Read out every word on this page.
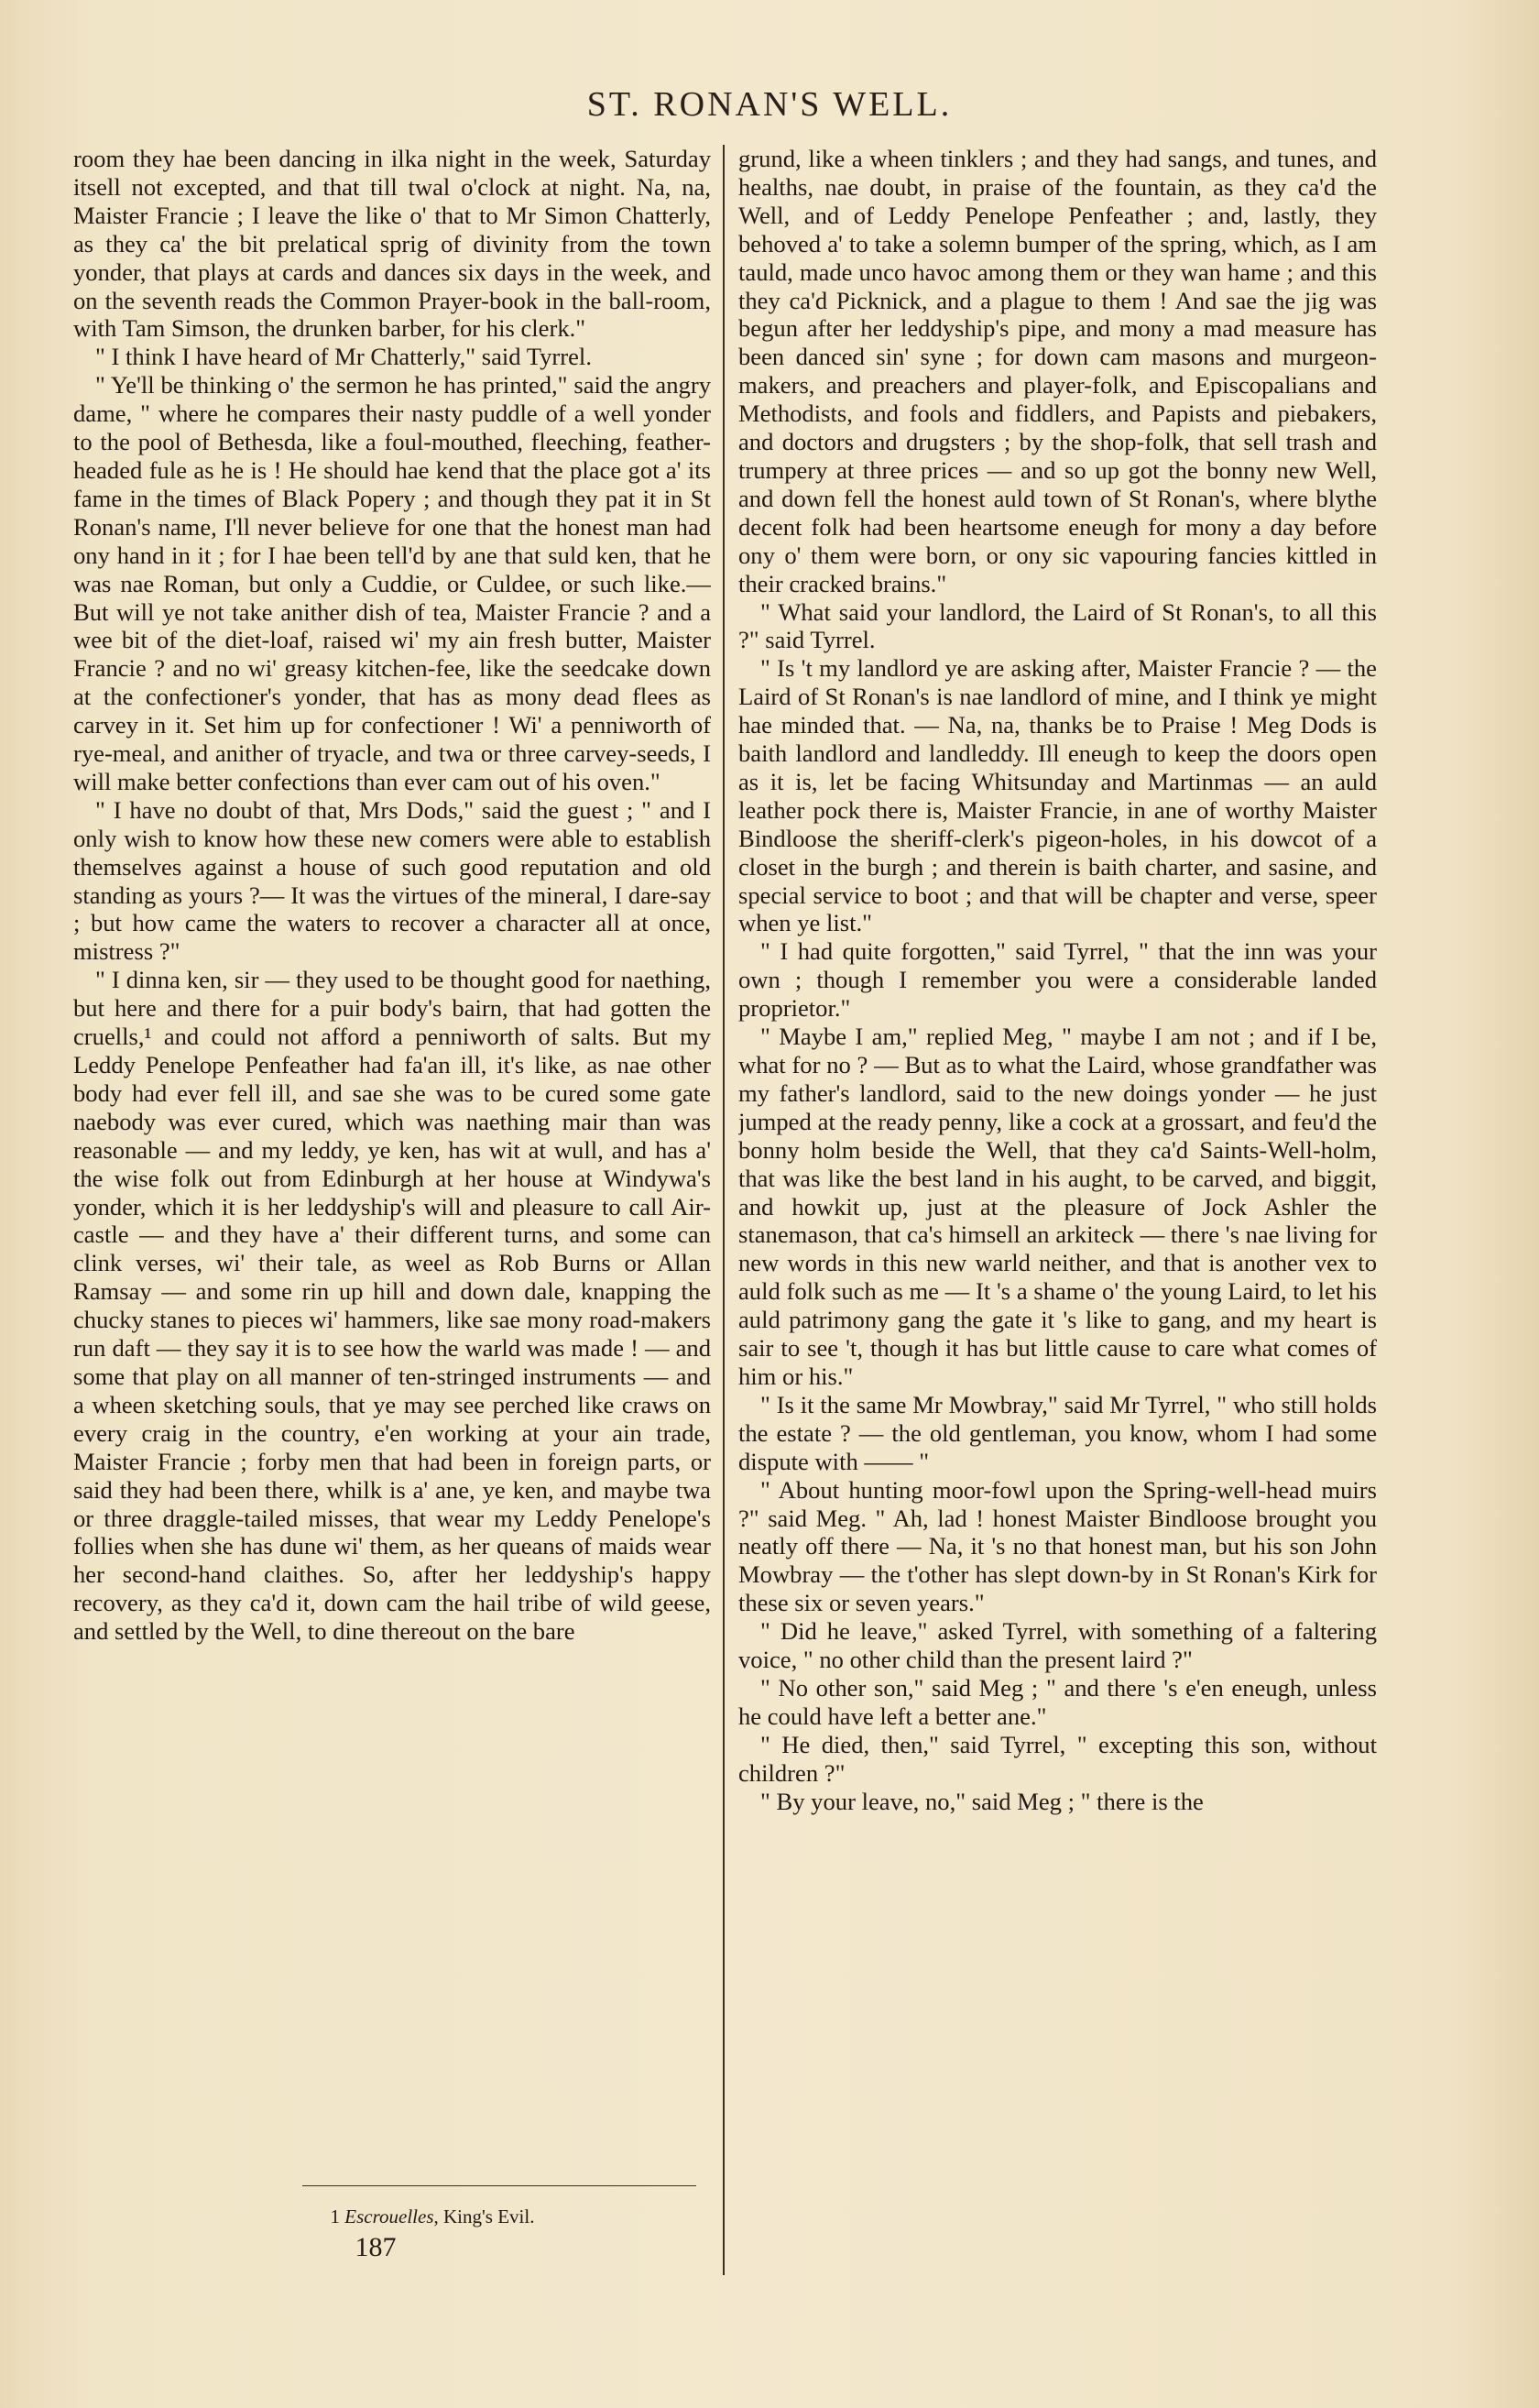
ST. RONAN'S WELL.

room they hae been dancing in ilka night in the week, Saturday itsell not excepted, and that till twal o'clock at night. Na, na, Maister Francie ; I leave the like o' that to Mr Simon Chatterly, as they ca' the bit prelatical sprig of divinity from the town yonder, that plays at cards and dances six days in the week, and on the seventh reads the Common Prayer-book in the ball-room, with Tam Simson, the drunken barber, for his clerk."

" I think I have heard of Mr Chatterly," said Tyrrel.

" Ye'll be thinking o' the sermon he has printed," said the angry dame, " where he compares their nasty puddle of a well yonder to the pool of Bethesda, like a foul-mouthed, fleeching, feather-headed fule as he is ! He should hae kend that the place got a' its fame in the times of Black Popery ; and though they pat it in St Ronan's name, I'll never believe for one that the honest man had ony hand in it ; for I hae been tell'd by ane that suld ken, that he was nae Roman, but only a Cuddie, or Culdee, or such like.—But will ye not take anither dish of tea, Maister Francie ? and a wee bit of the diet-loaf, raised wi' my ain fresh butter, Maister Francie ? and no wi' greasy kitchen-fee, like the seedcake down at the confectioner's yonder, that has as mony dead flees as carvey in it. Set him up for confectioner ! Wi' a penniworth of rye-meal, and anither of tryacle, and twa or three carvey-seeds, I will make better confections than ever cam out of his oven."

" I have no doubt of that, Mrs Dods," said the guest ; " and I only wish to know how these new comers were able to establish themselves against a house of such good reputation and old standing as yours ?— It was the virtues of the mineral, I dare-say ; but how came the waters to recover a character all at once, mistress ?"

" I dinna ken, sir — they used to be thought good for naething, but here and there for a puir body's bairn, that had gotten the cruells,¹ and could not afford a penniworth of salts. But my Leddy Penelope Penfeather had fa'an ill, it's like, as nae other body had ever fell ill, and sae she was to be cured some gate naebody was ever cured, which was naething mair than was reasonable — and my leddy, ye ken, has wit at wull, and has a' the wise folk out from Edinburgh at her house at Windywa's yonder, which it is her leddyship's will and pleasure to call Air-castle — and they have a' their different turns, and some can clink verses, wi' their tale, as weel as Rob Burns or Allan Ramsay — and some rin up hill and down dale, knapping the chucky stanes to pieces wi' hammers, like sae mony road-makers run daft — they say it is to see how the warld was made ! — and some that play on all manner of ten-stringed instruments — and a wheen sketching souls, that ye may see perched like craws on every craig in the country, e'en working at your ain trade, Maister Francie ; forby men that had been in foreign parts, or said they had been there, whilk is a' ane, ye ken, and maybe twa or three draggle-tailed misses, that wear my Leddy Penelope's follies when she has dune wi' them, as her queans of maids wear her second-hand claithes. So, after her leddyship's happy recovery, as they ca'd it, down cam the hail tribe of wild geese, and settled by the Well, to dine thereout on the bare

grund, like a wheen tinklers ; and they had sangs, and tunes, and healths, nae doubt, in praise of the fountain, as they ca'd the Well, and of Leddy Penelope Penfeather ; and, lastly, they behoved a' to take a solemn bumper of the spring, which, as I am tauld, made unco havoc among them or they wan hame ; and this they ca'd Picknick, and a plague to them ! And sae the jig was begun after her leddyship's pipe, and mony a mad measure has been danced sin' syne ; for down cam masons and murgeon-makers, and preachers and player-folk, and Episcopalians and Methodists, and fools and fiddlers, and Papists and piebakers, and doctors and drugsters ; by the shop-folk, that sell trash and trumpery at three prices — and so up got the bonny new Well, and down fell the honest auld town of St Ronan's, where blythe decent folk had been heartsome eneugh for mony a day before ony o' them were born, or ony sic vapouring fancies kittled in their cracked brains."

" What said your landlord, the Laird of St Ronan's, to all this ?" said Tyrrel.

" Is 't my landlord ye are asking after, Maister Francie ? — the Laird of St Ronan's is nae landlord of mine, and I think ye might hae minded that. — Na, na, thanks be to Praise ! Meg Dods is baith landlord and landleddy. Ill eneugh to keep the doors open as it is, let be facing Whitsunday and Martinmas — an auld leather pock there is, Maister Francie, in ane of worthy Maister Bindloose the sheriff-clerk's pigeon-holes, in his dowcot of a closet in the burgh ; and therein is baith charter, and sasine, and special service to boot ; and that will be chapter and verse, speer when ye list."

" I had quite forgotten," said Tyrrel, " that the inn was your own ; though I remember you were a considerable landed proprietor."

" Maybe I am," replied Meg, " maybe I am not ; and if I be, what for no ? — But as to what the Laird, whose grandfather was my father's landlord, said to the new doings yonder — he just jumped at the ready penny, like a cock at a grossart, and feu'd the bonny holm beside the Well, that they ca'd Saints-Well-holm, that was like the best land in his aught, to be carved, and biggit, and howkit up, just at the pleasure of Jock Ashler the stanemason, that ca's himsell an arkiteck — there 's nae living for new words in this new warld neither, and that is another vex to auld folk such as me — It 's a shame o' the young Laird, to let his auld patrimony gang the gate it 's like to gang, and my heart is sair to see 't, though it has but little cause to care what comes of him or his."

" Is it the same Mr Mowbray," said Mr Tyrrel, " who still holds the estate ? — the old gentleman, you know, whom I had some dispute with —— "

" About hunting moor-fowl upon the Spring-well-head muirs ?" said Meg. " Ah, lad ! honest Maister Bindloose brought you neatly off there — Na, it 's no that honest man, but his son John Mowbray — the t'other has slept down-by in St Ronan's Kirk for these six or seven years."

" Did he leave," asked Tyrrel, with something of a faltering voice, " no other child than the present laird ?"

" No other son," said Meg ; " and there 's e'en eneugh, unless he could have left a better ane."

" He died, then," said Tyrrel, " excepting this son, without children ?"

" By your leave, no," said Meg ; " there is the

1 Escrouelles, King's Evil.
187
